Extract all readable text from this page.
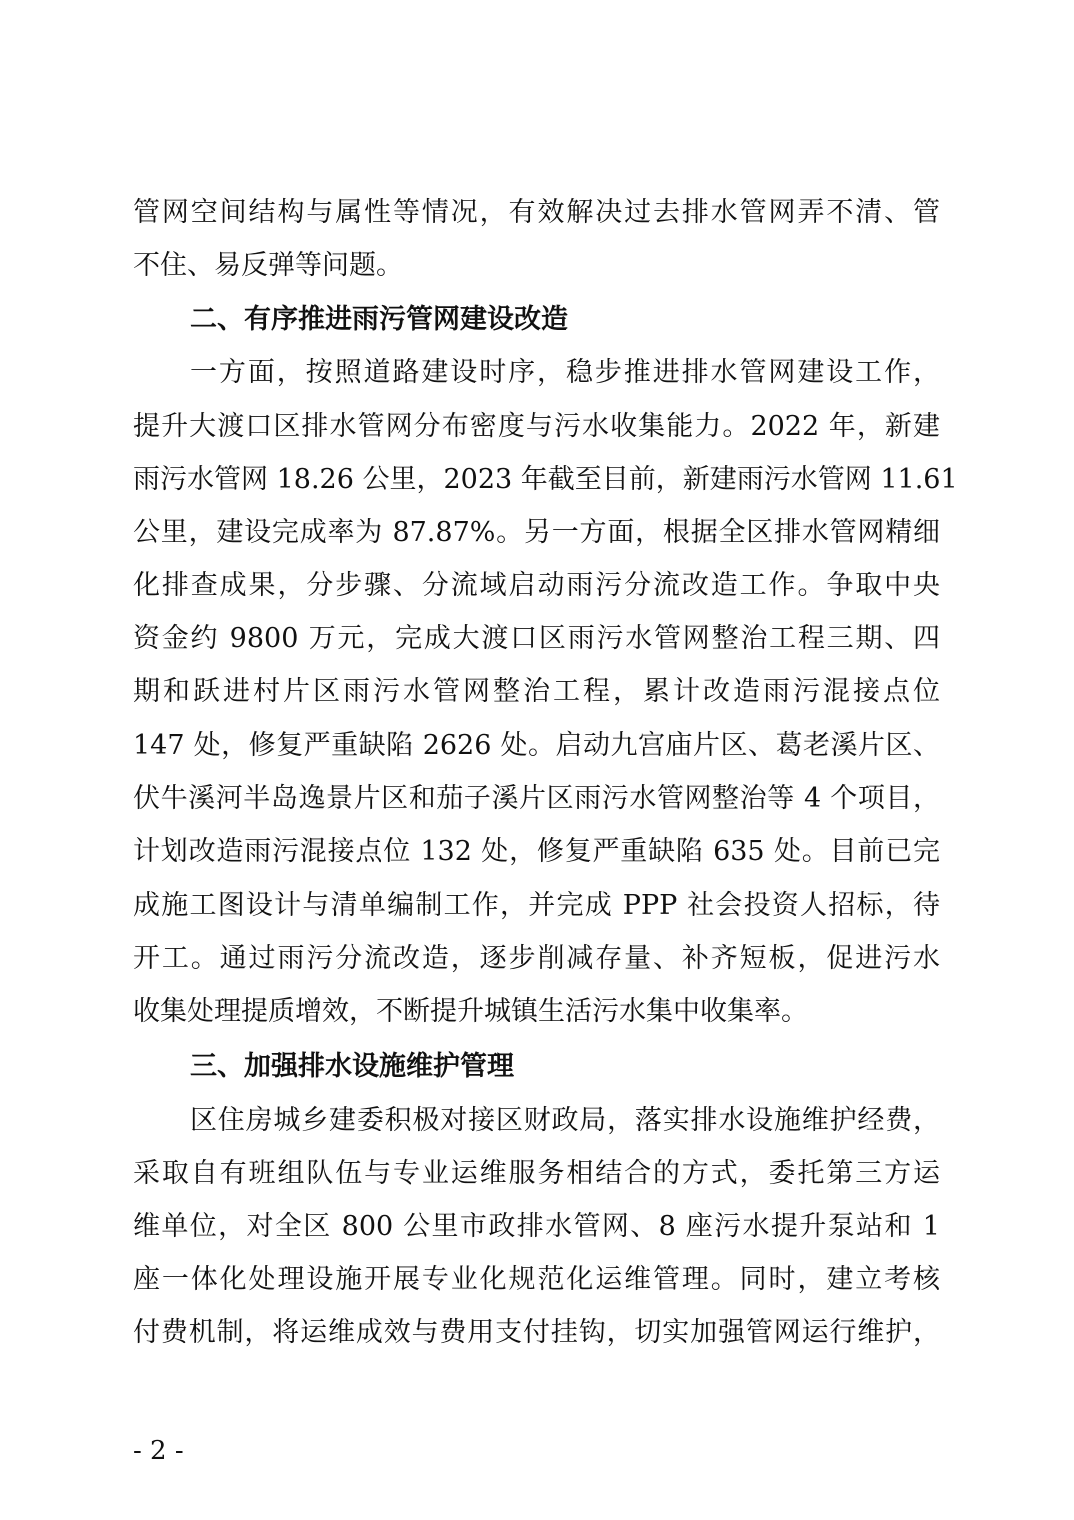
管网空间结构与属性等情况，有效解决过去排水管网弄不清、管
不住、易反弹等问题。
二、有序推进雨污管网建设改造
一方面，按照道路建设时序，稳步推进排水管网建设工作，
提升大渡口区排水管网分布密度与污水收集能力。2022 年，新建
雨污水管网 18.26 公里，2023 年截至目前，新建雨污水管网 11.61
公里，建设完成率为 87.87%。另一方面，根据全区排水管网精细
化排查成果，分步骤、分流域启动雨污分流改造工作。争取中央
资金约 9800 万元，完成大渡口区雨污水管网整治工程三期、四
期和跃进村片区雨污水管网整治工程，累计改造雨污混接点位
147 处，修复严重缺陷 2626 处。启动九宫庙片区、葛老溪片区、
伏牛溪河半岛逸景片区和茄子溪片区雨污水管网整治等 4 个项目，
计划改造雨污混接点位 132 处，修复严重缺陷 635 处。目前已完
成施工图设计与清单编制工作，并完成 PPP 社会投资人招标，待
开工。通过雨污分流改造，逐步削减存量、补齐短板，促进污水
收集处理提质增效，不断提升城镇生活污水集中收集率。
三、加强排水设施维护管理
区住房城乡建委积极对接区财政局，落实排水设施维护经费，
采取自有班组队伍与专业运维服务相结合的方式，委托第三方运
维单位，对全区 800 公里市政排水管网、8 座污水提升泵站和 1
座一体化处理设施开展专业化规范化运维管理。同时，建立考核
付费机制，将运维成效与费用支付挂钩，切实加强管网运行维护，
- 2 -
